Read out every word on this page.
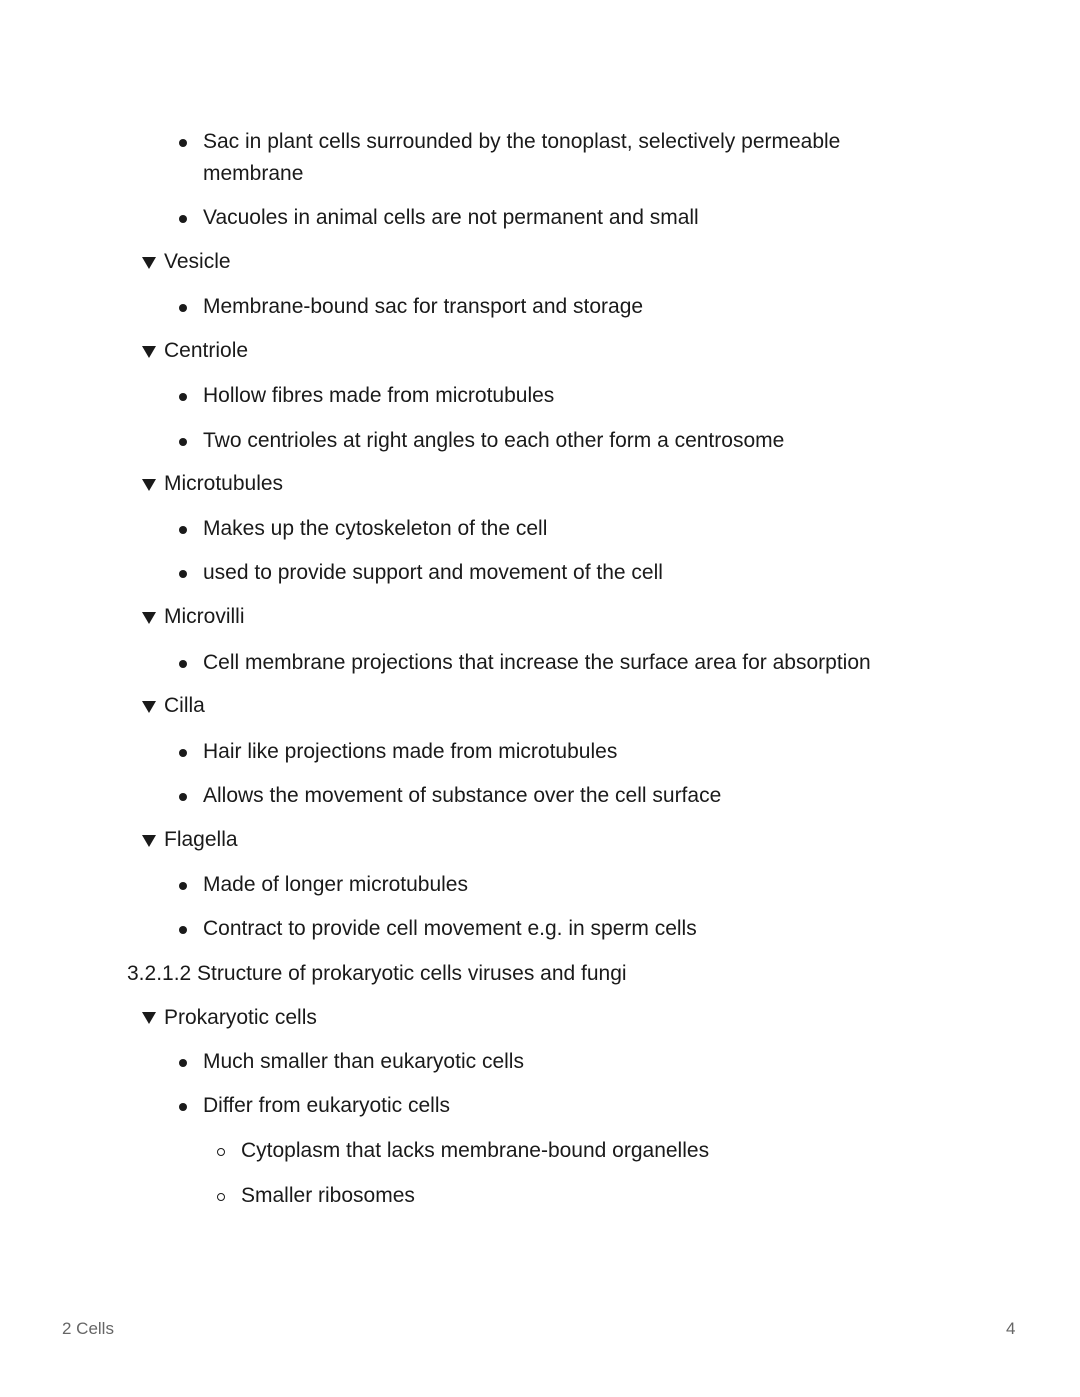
Sac in plant cells surrounded by the tonoplast, selectively permeable
membrane
Vacuoles in animal cells are not permanent and small
Vesicle
Membrane-bound sac for transport and storage
Centriole
Hollow fibres made from microtubules
Two centrioles at right angles to each other form a centrosome
Microtubules
Makes up the cytoskeleton of the cell
used to provide support and movement of the cell
Microvilli
Cell membrane projections that increase the surface area for absorption
Cilla
Hair like projections made from microtubules
Allows the movement of substance over the cell surface
Flagella
Made of longer microtubules
Contract to provide cell movement e.g. in sperm cells
3.2.1.2 Structure of prokaryotic cells viruses and fungi
Prokaryotic cells
Much smaller than eukaryotic cells
Differ from eukaryotic cells
Cytoplasm that lacks membrane-bound organelles
Smaller ribosomes
2 Cells	4
